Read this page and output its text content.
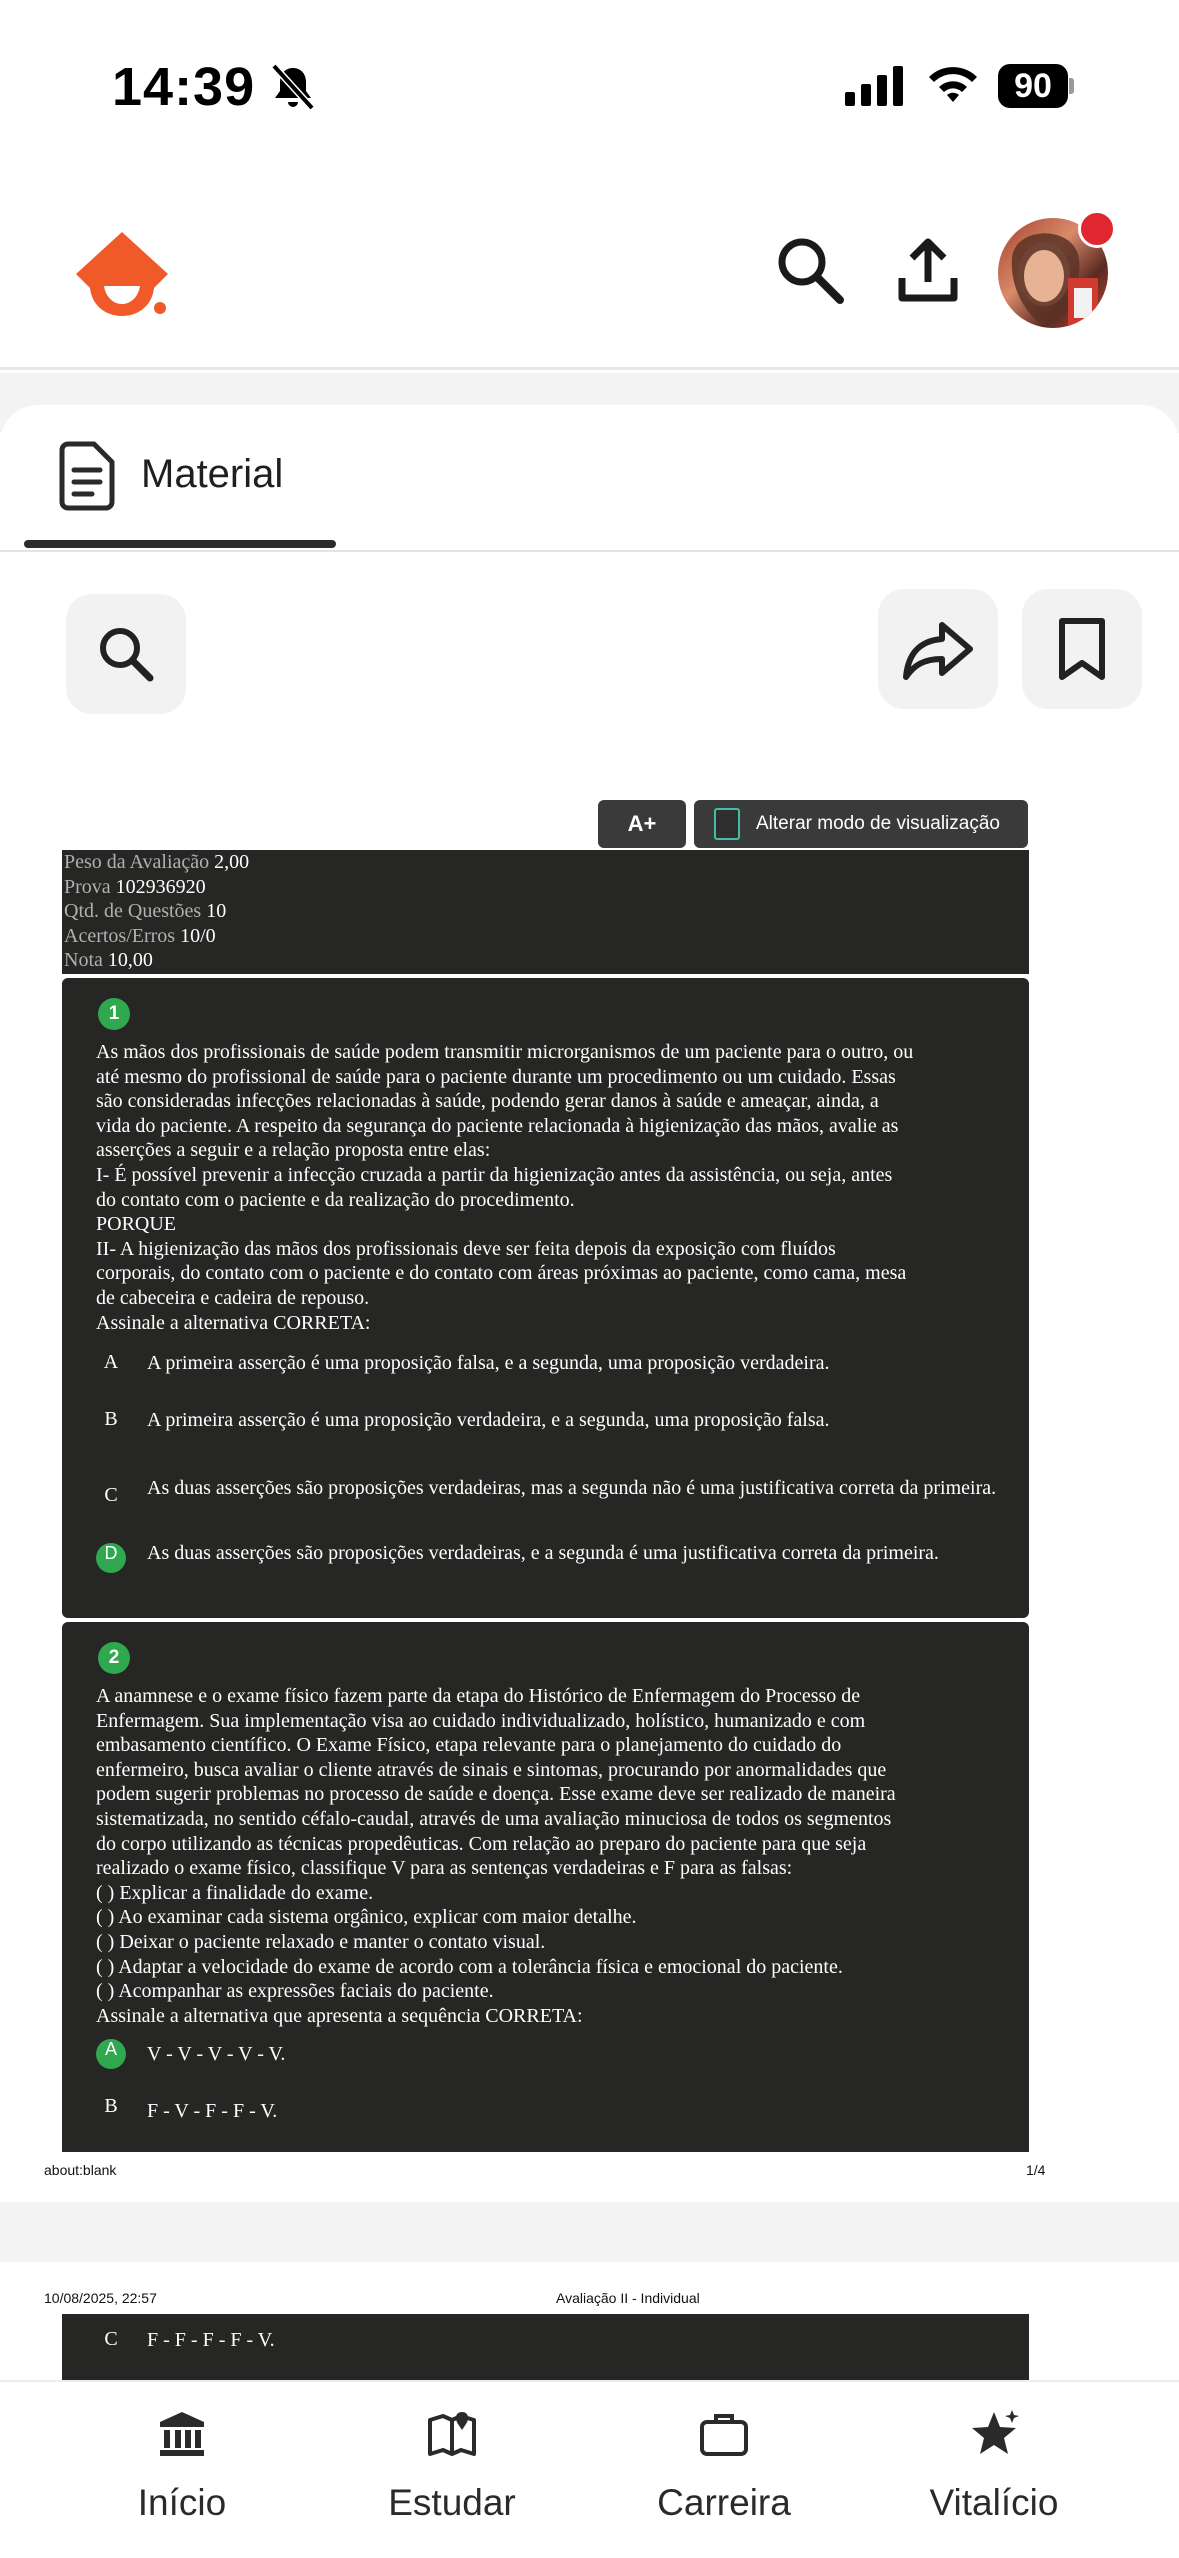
14:39	90
Material
A+	Alterar modo de visualização
Peso da Avaliação 2,00
Prova 102936920
Qtd. de Questões 10
Acertos/Erros 10/0
Nota 10,00
1
As mãos dos profissionais de saúde podem transmitir microrganismos de um paciente para o outro, ou
até mesmo do profissional de saúde para o paciente durante um procedimento ou um cuidado. Essas
são consideradas infecções relacionadas à saúde, podendo gerar danos à saúde e ameaçar, ainda, a
vida do paciente. A respeito da segurança do paciente relacionada à higienização das mãos, avalie as
asserções a seguir e a relação proposta entre elas:
I- É possível prevenir a infecção cruzada a partir da higienização antes da assistência, ou seja, antes
do contato com o paciente e da realização do procedimento.
PORQUE
II- A higienização das mãos dos profissionais deve ser feita depois da exposição com fluídos
corporais, do contato com o paciente e do contato com áreas próximas ao paciente, como cama, mesa
de cabeceira e cadeira de repouso.
Assinale a alternativa CORRETA:
A	A primeira asserção é uma proposição falsa, e a segunda, uma proposição verdadeira.
B	A primeira asserção é uma proposição verdadeira, e a segunda, uma proposição falsa.
C	As duas asserções são proposições verdadeiras, mas a segunda não é uma justificativa correta da primeira.
D	As duas asserções são proposições verdadeiras, e a segunda é uma justificativa correta da primeira.
2
A anamnese e o exame físico fazem parte da etapa do Histórico de Enfermagem do Processo de
Enfermagem. Sua implementação visa ao cuidado individualizado, holístico, humanizado e com
embasamento científico. O Exame Físico, etapa relevante para o planejamento do cuidado do
enfermeiro, busca avaliar o cliente através de sinais e sintomas, procurando por anormalidades que
podem sugerir problemas no processo de saúde e doença. Esse exame deve ser realizado de maneira
sistematizada, no sentido céfalo-caudal, através de uma avaliação minuciosa de todos os segmentos
do corpo utilizando as técnicas propedêuticas. Com relação ao preparo do paciente para que seja
realizado o exame físico, classifique V para as sentenças verdadeiras e F para as falsas:
( ) Explicar a finalidade do exame.
( ) Ao examinar cada sistema orgânico, explicar com maior detalhe.
( ) Deixar o paciente relaxado e manter o contato visual.
( ) Adaptar a velocidade do exame de acordo com a tolerância física e emocional do paciente.
( ) Acompanhar as expressões faciais do paciente.
Assinale a alternativa que apresenta a sequência CORRETA:
A	V - V - V - V - V.
B	F - V - F - F - V.
about:blank	1/4
10/08/2025, 22:57	Avaliação II - Individual
C	F - F - F - F - V.
Início	Estudar	Carreira	Vitalício
